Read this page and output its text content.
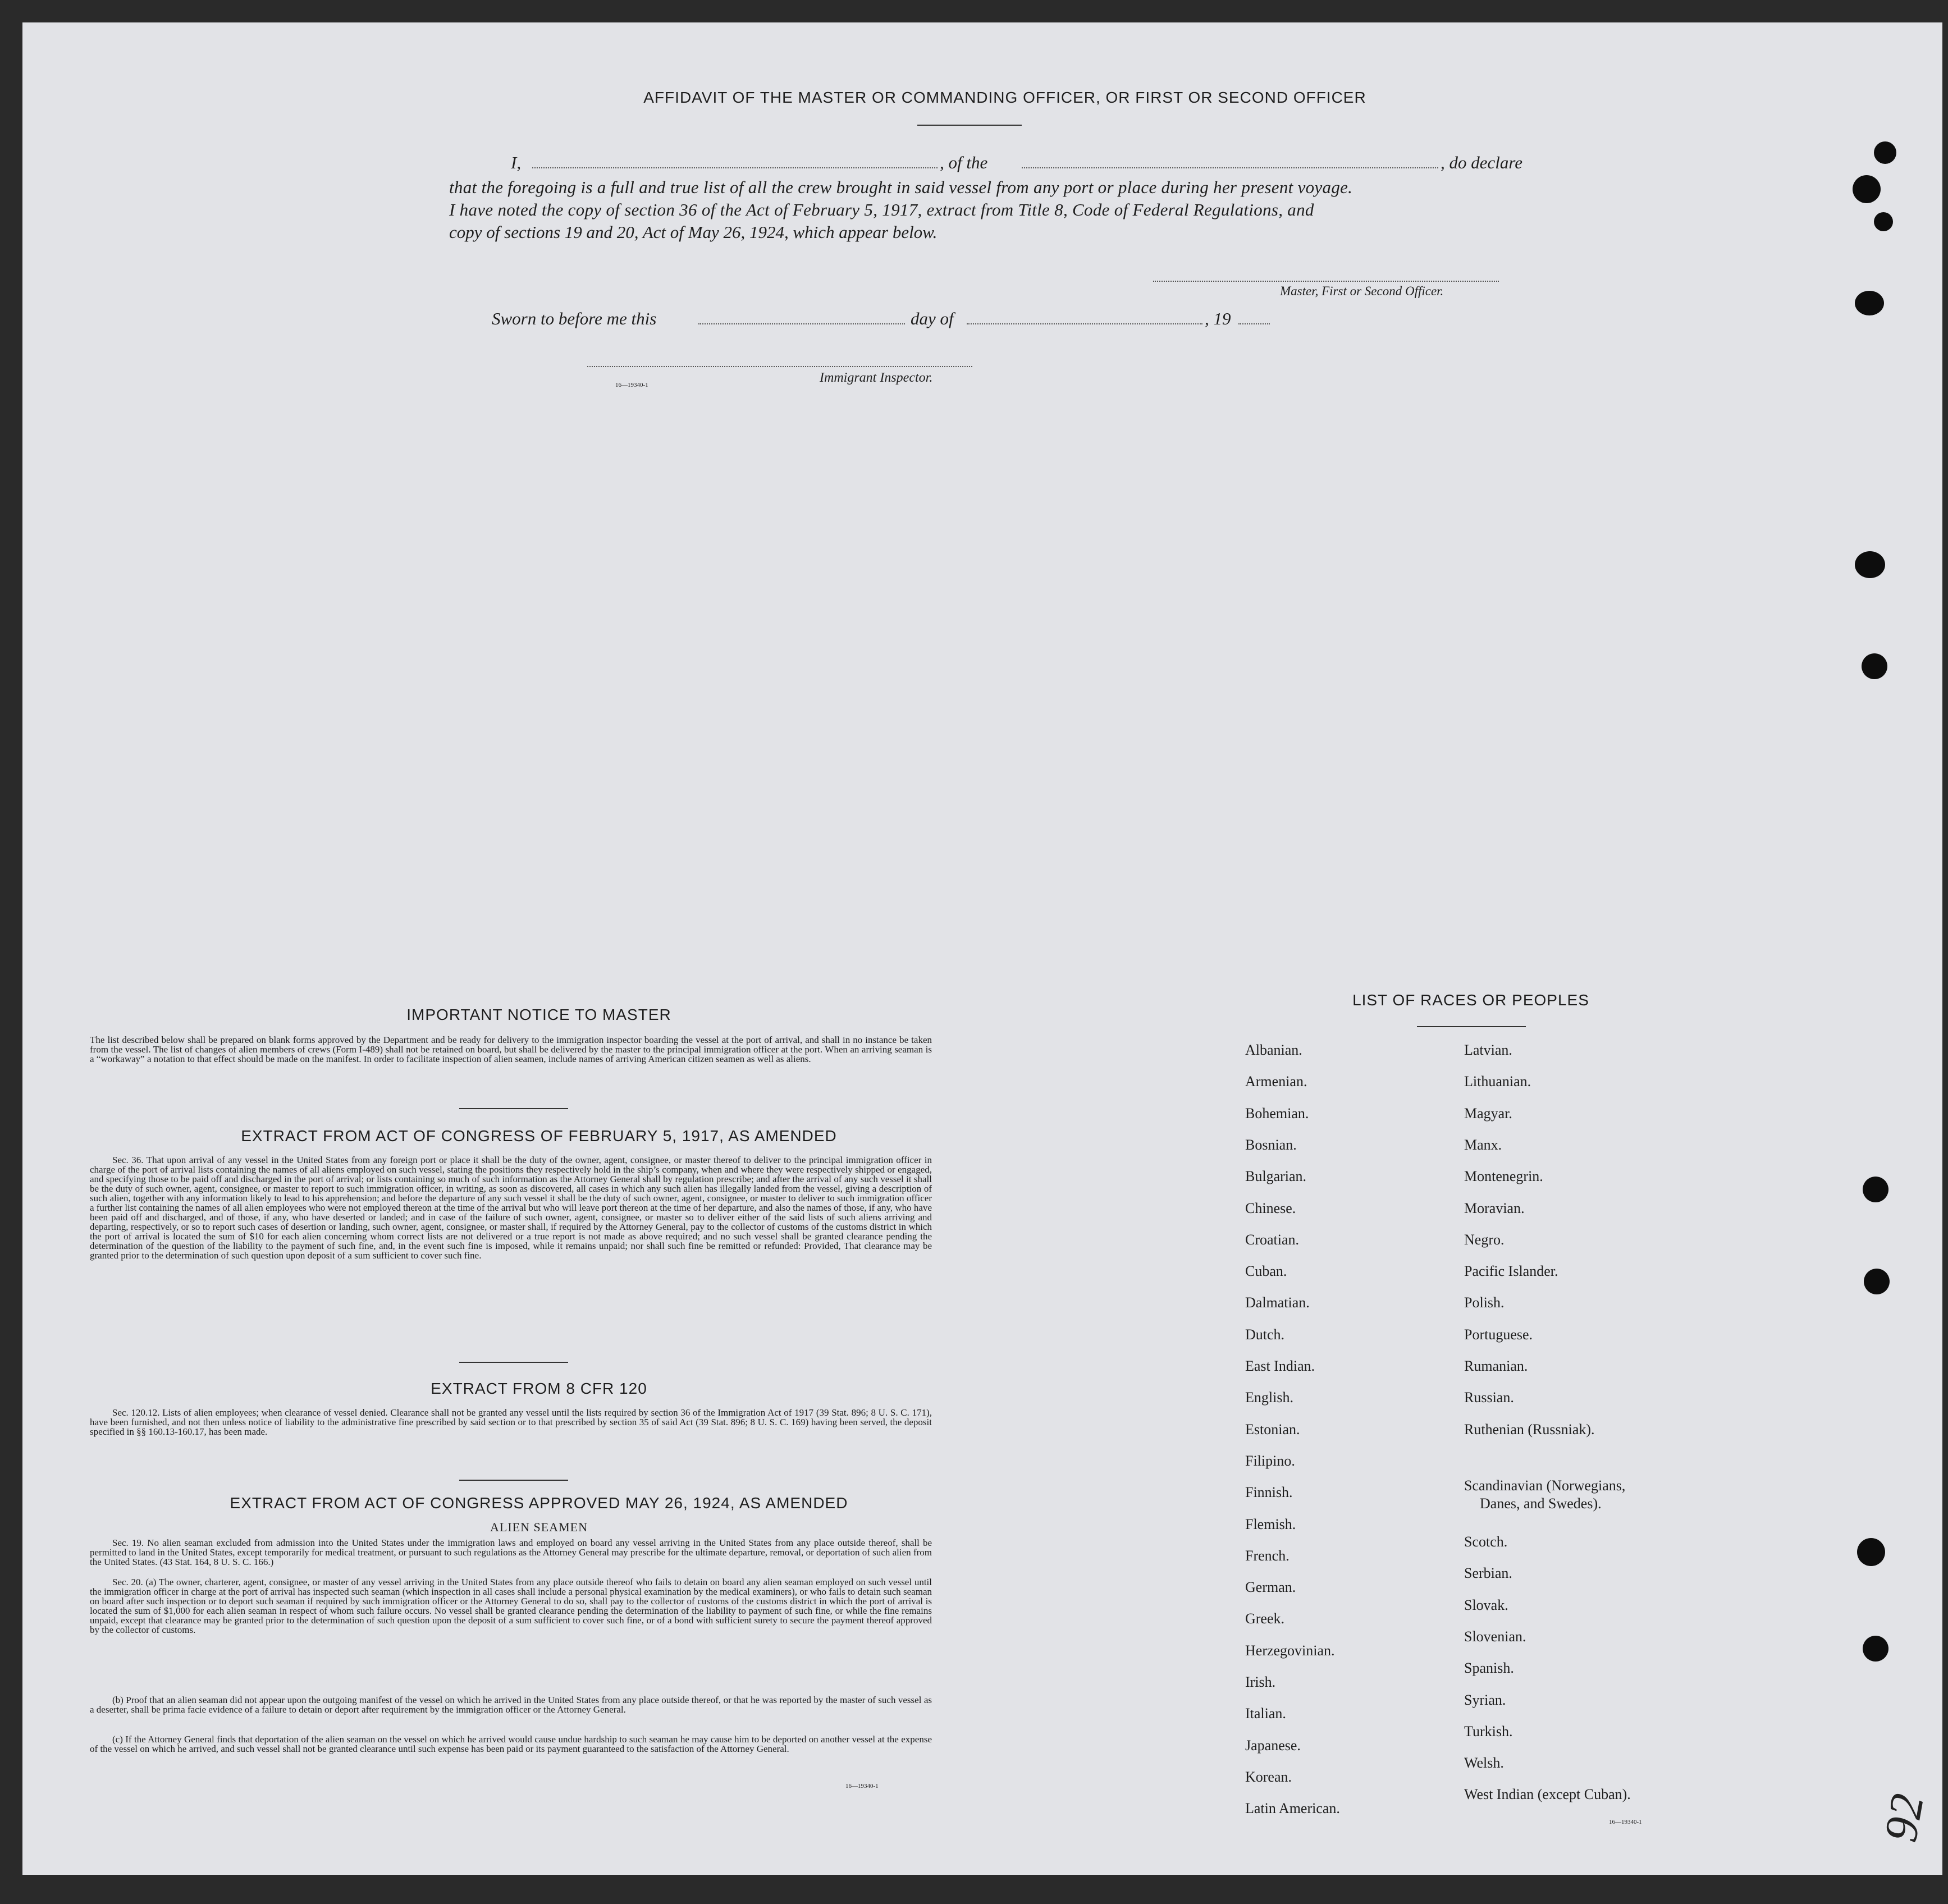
AFFIDAVIT OF THE MASTER OR COMMANDING OFFICER, OR FIRST OR SECOND OFFICER
I,	, of the	, do declare
that the foregoing is a full and true list of all the crew brought in said vessel from any port or place during her present voyage.
I have noted the copy of section 36 of the Act of February 5, 1917, extract from Title 8, Code of Federal Regulations, and
copy of sections 19 and 20, Act of May 26, 1924, which appear below.
Master, First or Second Officer.
Sworn to before me this	day of	, 19
16—19340-1	Immigrant Inspector.
IMPORTANT NOTICE TO MASTER
The list described below shall be prepared on blank forms approved by the Department and be ready for delivery to the immigration inspector boarding the vessel at the port of arrival, and shall in no instance be taken from the vessel. The list of changes of alien members of crews (Form I-489) shall not be retained on board, but shall be delivered by the master to the principal immigration officer at the port. When an arriving seaman is a “workaway” a notation to that effect should be made on the manifest. In order to facilitate inspection of alien seamen, include names of arriving American citizen seamen as well as aliens.
EXTRACT FROM ACT OF CONGRESS OF FEBRUARY 5, 1917, AS AMENDED
Sec. 36. That upon arrival of any vessel in the United States from any foreign port or place it shall be the duty of the owner, agent, consignee, or master thereof to deliver to the principal immigration officer in charge of the port of arrival lists containing the names of all aliens employed on such vessel, stating the positions they respectively hold in the ship’s company, when and where they were respectively shipped or engaged, and specifying those to be paid off and discharged in the port of arrival; or lists containing so much of such information as the Attorney General shall by regulation prescribe; and after the arrival of any such vessel it shall be the duty of such owner, agent, consignee, or master to report to such immigration officer, in writing, as soon as discovered, all cases in which any such alien has illegally landed from the vessel, giving a description of such alien, together with any information likely to lead to his apprehension; and before the departure of any such vessel it shall be the duty of such owner, agent, consignee, or master to deliver to such immigration officer a further list containing the names of all alien employees who were not employed thereon at the time of the arrival but who will leave port thereon at the time of her departure, and also the names of those, if any, who have been paid off and discharged, and of those, if any, who have deserted or landed; and in case of the failure of such owner, agent, consignee, or master so to deliver either of the said lists of such aliens arriving and departing, respectively, or so to report such cases of desertion or landing, such owner, agent, consignee, or master shall, if required by the Attorney General, pay to the collector of customs of the customs district in which the port of arrival is located the sum of $10 for each alien concerning whom correct lists are not delivered or a true report is not made as above required; and no such vessel shall be granted clearance pending the determination of the question of the liability to the payment of such fine, and, in the event such fine is imposed, while it remains unpaid; nor shall such fine be remitted or refunded: Provided, That clearance may be granted prior to the determination of such question upon deposit of a sum sufficient to cover such fine.
EXTRACT FROM 8 CFR 120
Sec. 120.12. Lists of alien employees; when clearance of vessel denied. Clearance shall not be granted any vessel until the lists required by section 36 of the Immigration Act of 1917 (39 Stat. 896; 8 U. S. C. 171), have been furnished, and not then unless notice of liability to the administrative fine prescribed by said section or to that prescribed by section 35 of said Act (39 Stat. 896; 8 U. S. C. 169) having been served, the deposit specified in §§ 160.13-160.17, has been made.
EXTRACT FROM ACT OF CONGRESS APPROVED MAY 26, 1924, AS AMENDED
ALIEN SEAMEN
Sec. 19. No alien seaman excluded from admission into the United States under the immigration laws and employed on board any vessel arriving in the United States from any place outside thereof, shall be permitted to land in the United States, except temporarily for medical treatment, or pursuant to such regulations as the Attorney General may prescribe for the ultimate departure, removal, or deportation of such alien from the United States. (43 Stat. 164, 8 U. S. C. 166.)
Sec. 20. (a) The owner, charterer, agent, consignee, or master of any vessel arriving in the United States from any place outside thereof who fails to detain on board any alien seaman employed on such vessel until the immigration officer in charge at the port of arrival has inspected such seaman (which inspection in all cases shall include a personal physical examination by the medical examiners), or who fails to detain such seaman on board after such inspection or to deport such seaman if required by such immigration officer or the Attorney General to do so, shall pay to the collector of customs of the customs district in which the port of arrival is located the sum of $1,000 for each alien seaman in respect of whom such failure occurs. No vessel shall be granted clearance pending the determination of the liability to payment of such fine, or while the fine remains unpaid, except that clearance may be granted prior to the determination of such question upon the deposit of a sum sufficient to cover such fine, or of a bond with sufficient surety to secure the payment thereof approved by the collector of customs.
(b) Proof that an alien seaman did not appear upon the outgoing manifest of the vessel on which he arrived in the United States from any place outside thereof, or that he was reported by the master of such vessel as a deserter, shall be prima facie evidence of a failure to detain or deport after requirement by the immigration officer or the Attorney General.
(c) If the Attorney General finds that deportation of the alien seaman on the vessel on which he arrived would cause undue hardship to such seaman he may cause him to be deported on another vessel at the expense of the vessel on which he arrived, and such vessel shall not be granted clearance until such expense has been paid or its payment guaranteed to the satisfaction of the Attorney General.
16—19340-1
LIST OF RACES OR PEOPLES
Albanian.
Armenian.
Bohemian.
Bosnian.
Bulgarian.
Chinese.
Croatian.
Cuban.
Dalmatian.
Dutch.
East Indian.
English.
Estonian.
Filipino.
Finnish.
Flemish.
French.
German.
Greek.
Herzegovinian.
Irish.
Italian.
Japanese.
Korean.
Latin American.
Latvian.
Lithuanian.
Magyar.
Manx.
Montenegrin.
Moravian.
Negro.
Pacific Islander.
Polish.
Portuguese.
Rumanian.
Russian.
Ruthenian (Russniak).
Scandinavian (Norwegians,
Danes, and Swedes).
Scotch.
Serbian.
Slovak.
Slovenian.
Spanish.
Syrian.
Turkish.
Welsh.
West Indian (except Cuban).
16—19340-1	92
